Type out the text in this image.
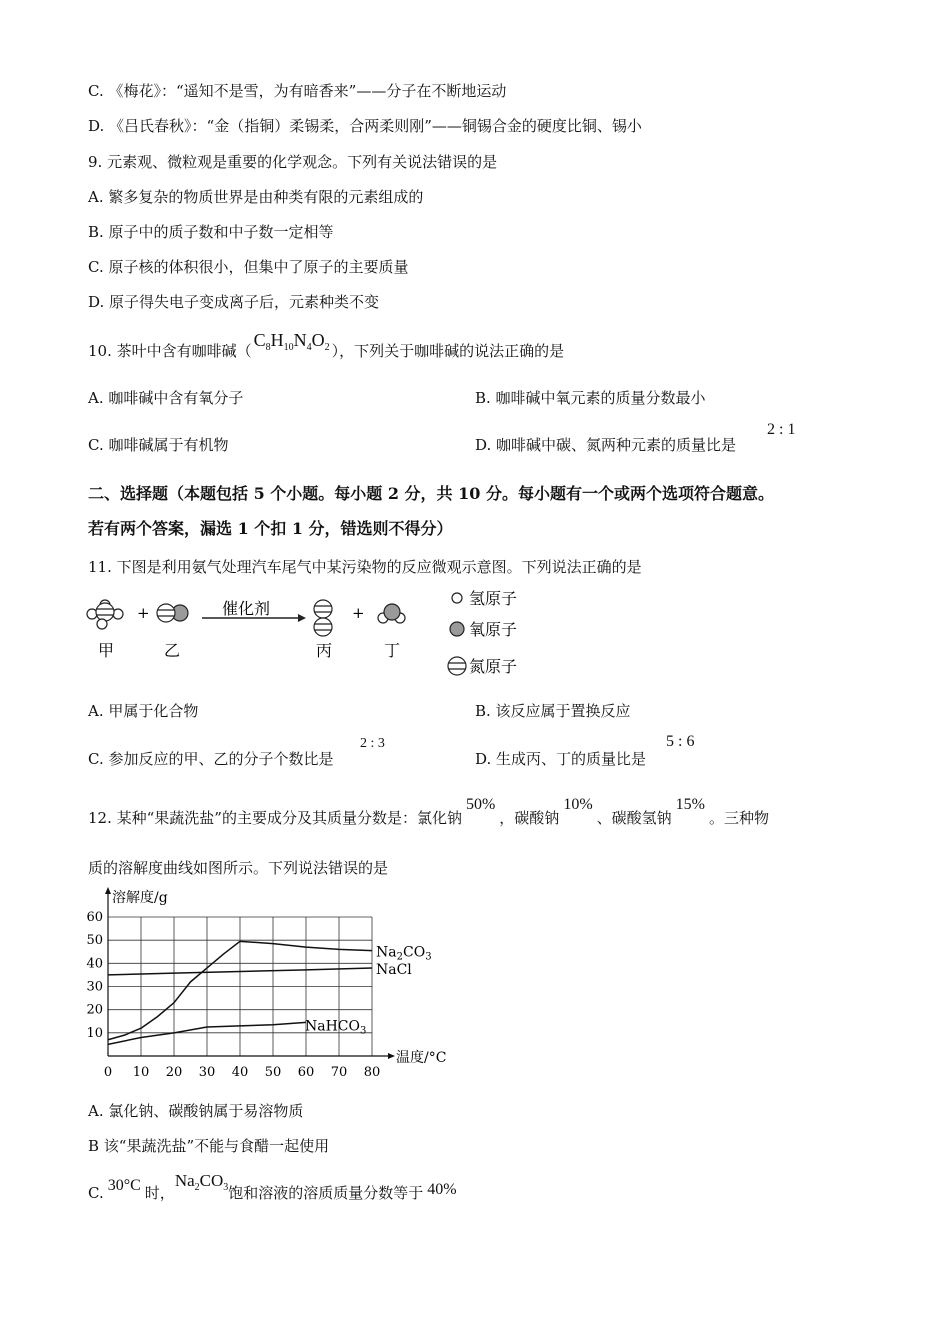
C. 《梅花》：“遥知不是雪，为有暗香来”——分子在不断地运动
D. 《吕氏春秋》：“金（指铜）柔锡柔，合两柔则刚”——铜锡合金的硬度比铜、锡小
9. 元素观、微粒观是重要的化学观念。下列有关说法错误的是
A. 繁多复杂的物质世界是由种类有限的元素组成的
B. 原子中的质子数和中子数一定相等
C. 原子核的体积很小，但集中了原子的主要质量
D. 原子得失电子变成离子后，元素种类不变
10. 茶叶中含有咖啡碱（$C_8H_{10}N_4O_2$ ），下列关于咖啡碱的说法正确的是
A. 咖啡碱中含有氧分子	B. 咖啡碱中氧元素的质量分数最小
C. 咖啡碱属于有机物	D. 咖啡碱中碳、氮两种元素的质量比是
2 : 1
二、选择题（本题包括 5 个小题。每小题 2 分，共 10 分。每小题有一个或两个选项符合题意。
若有两个答案，漏选 1 个扣 1 分，错选则不得分）
11. 下图是利用氨气处理汽车尾气中某污染物的反应微观示意图。下列说法正确的是
+	催化剂	+
甲	乙	丙	丁
氢原子
氧原子
氮原子
A. 甲属于化合物	B. 该反应属于置换反应
C. 参加反应的甲、乙的分子个数比是
2 : 3
D. 生成丙、丁的质量比是
5 : 6
12. 某种“果蔬洗盐”的主要成分及其质量分数是：氯化钠50%，碳酸钠10%、碳酸氢钠15%。三种物
质的溶解度曲线如图所示。下列说法错误的是
0 10 20 30 40 50 60 70 80
10
20
30
40
50
60
溶解度/g
温度/°C
$Na_2CO_3$
NaCl
NaHCO$_3$
A. 氯化钠、碳酸钠属于易溶物质
B 该“果蔬洗盐”不能与食醋一起使用
C. 30°C 时，$Na_2CO_3$饱和溶液的溶质质量分数等于 40%
